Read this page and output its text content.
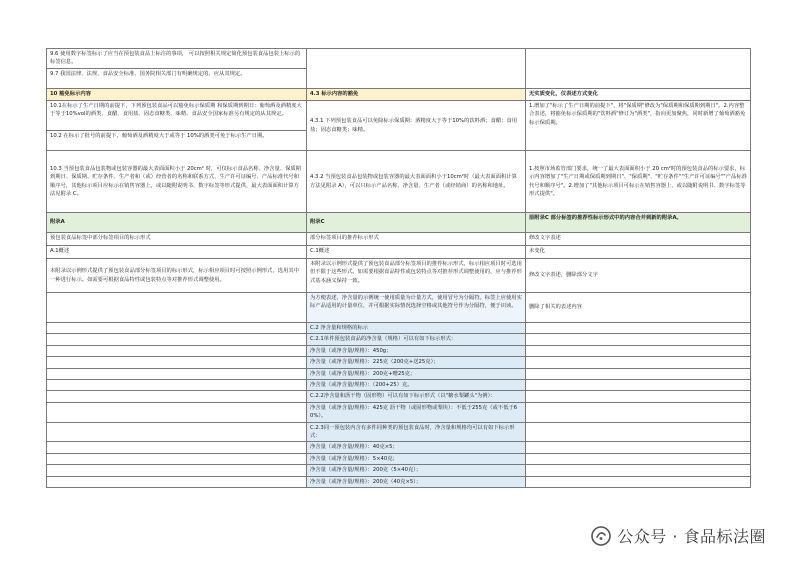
9.6 使用数字标签标示了应当在预包装食品上标注的事项， 可以按照相关规定简化预包装食品包装上标示的标签信息。		
9.7 我国法律、法规、食品安全标准、国务院相关部门有明确规定的，应从其规定。		
10 豁免标示内容	4.3 标示内容的豁免	无实质变化，仅表述方式变化
10.1在标示了生产日期的前提下，下列预包装食品可以豁免标示保质期 和保质期到期日：葡萄酒及酒精度大于等于10%vol的酒类、食醋、食用盐、固态食糖类、味精、食品安全国家标准另有规定的从其规定。	4.3.1 下列预包装食品可以免除标示保质期：酒精度大于等于10%的饮料酒；食醋；食用盐；固态食糖类；味精。	1.增加了"标示了生产日期的前提下"，将"保质期"修改为"保质期和保质期到期日"。2.内容整合表述，将豁免标示保质期的"饮料酒"修订为"酒类"，指向更加聚焦，同时新增了葡萄酒豁免标示保质期。
10.2 在标示了批号的前提下，葡萄酒及酒精度大于或等于 10%的酒类可免于标示生产日期。		
10.3 当预包装食品包装物或包装容器的最大表面面积小于 20cm² 时，可仅标示食品名称、净含量、保质期到期日、保质期、贮存条件、生产者和（或）经营者的名称和联系方式、生产许可证编号、产品标准代号和顺序号，其他标示项目应标示在销售容器上，或以随附说明书、数字标签等形式提供，最大表面面积计算方法见附录 C。	4.3.2 当预包装食品包装物或包装容器的最大表面面积小于10cm²时（最大表面面积计算方法见附录 A），可以只标示产品名称、净含量、生产者（或经销商）的名称和地址。	1.按照市场监管部门要求，统一了最大表面面积小于 20 cm²时的预包装食品的标示要求，标示内容增加了"生产日期或保质期到期日"、"保质期"、"贮存条件""生产许可证编号""产品标准代号和顺序号"。2.增加了"其他标示项目可标示在销售容器上，或以随附说明书、数字标签等形式提供"。
附录A	附录C	原附录C 部分标签的推荐性标示形式中的内容合并到新的附录A。
预包装食品标签中部分标签项目的标示形式	部分标签项目的推荐标示形式	修改文字表述
A.1概述	C.1概述	未变化
本附录以示例形式提供了预包装食品部分标签项目的标示形式，标示相应项目时可按照示例形式，选用其中一种进行标示。如需要可根据食品特性或包装特点等对推荐形式调整使用。	本附录以示例形式提供了预包装食品部分标签项目的推荐标示形式，标示相应项目时可选用但不限于这些形式。如需要根据食品特性或包装特点等对推荐形式调整使用的，应与推荐形式基本涵义保持一致。	修改文字表述，删除部分文字
	为方便表述，净含量的示例统一使用质量为计量方式，使用冒号为分隔符。标签上应使用实际产品适用的计量单位，并可根据实际情况选择空格或其他符号作为分隔符，便于识读。	删除了相关的表述内容
	C.2 净含量和规格的标示	
	C.2.1单件预包装食品的净含量（规格）可以有如下标示形式：	
	净含量（或净含量/规格）：450g；	
	净含量（或净含量/规格）：225克（200克+送25克）；	
	净含量（或净含量/规格）：200克+赠25克；	
	净含量（或净含量/规格）：（200+25）克。	
	C.2.2净含量和沥干物（固形物）可以有如下标示形式（以"糖水梨罐头"为例）：	
	净含量（或净含量/规格）：425克 沥干物（或固形物或梨块）：不低于255克（或不低于60%）。	
	C.2.3同一预包装内含有多件同种类的预包装食品时，净含量和规格均可以有如下标示形式：	
	净含量（或净含量/规格）：40克×5；	
	净含量（或净含量/规格）：5×40克；	
	净含量（或净含量/规格）：200克（5×40克）；	
	净含量（或净含量/规格）：200克（40克×5）；	
公众号 · 食品标法圈
